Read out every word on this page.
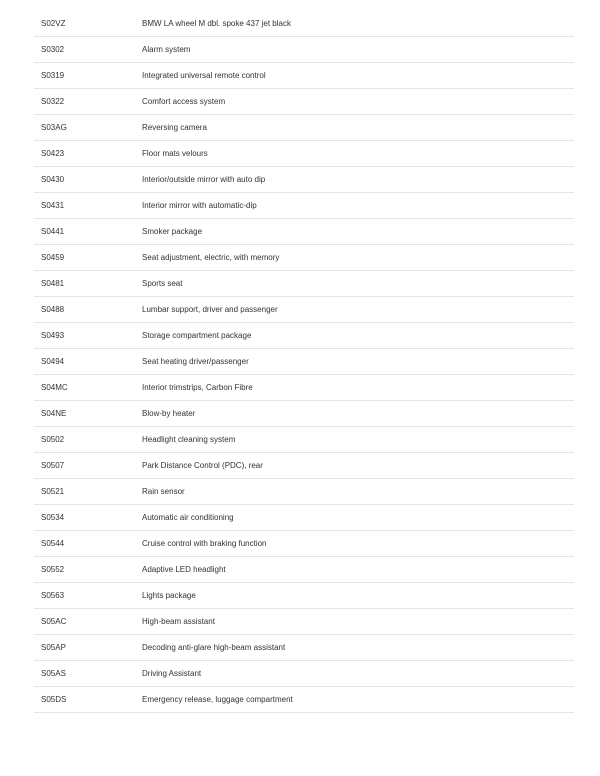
S02VZ	BMW LA wheel M dbl. spoke 437 jet black
S0302	Alarm system
S0319	Integrated universal remote control
S0322	Comfort access system
S03AG	Reversing camera
S0423	Floor mats velours
S0430	Interior/outside mirror with auto dip
S0431	Interior mirror with automatic-dip
S0441	Smoker package
S0459	Seat adjustment, electric, with memory
S0481	Sports seat
S0488	Lumbar support, driver and passenger
S0493	Storage compartment package
S0494	Seat heating driver/passenger
S04MC	Interior trimstrips, Carbon Fibre
S04NE	Blow-by heater
S0502	Headlight cleaning system
S0507	Park Distance Control (PDC), rear
S0521	Rain sensor
S0534	Automatic air conditioning
S0544	Cruise control with braking function
S0552	Adaptive LED headlight
S0563	Lights package
S05AC	High-beam assistant
S05AP	Decoding anti-glare high-beam assistant
S05AS	Driving Assistant
S05DS	Emergency release, luggage compartment
